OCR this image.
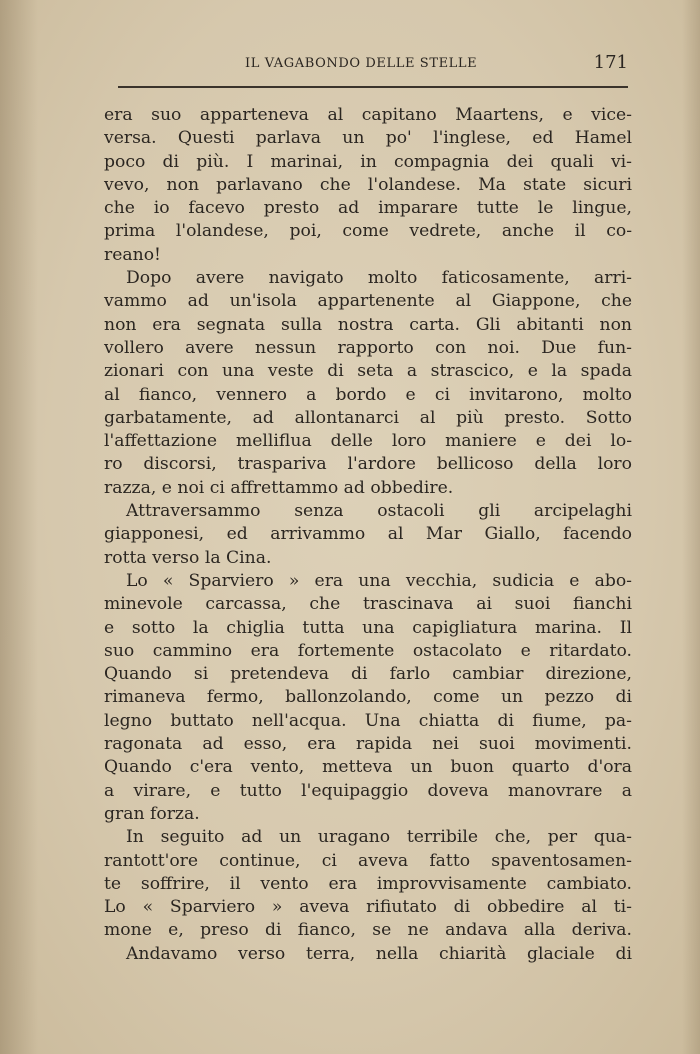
IL VAGABONDO DELLE STELLE	171
era suo apparteneva al capitano Maartens, e vice-
versa. Questi parlava un po' l'inglese, ed Hamel
poco di più. I marinai, in compagnia dei quali vi-
vevo, non parlavano che l'olandese. Ma state sicuri
che io facevo presto ad imparare tutte le lingue,
prima l'olandese, poi, come vedrete, anche il co-
reano!
Dopo avere navigato molto faticosamente, arri-
vammo ad un'isola appartenente al Giappone, che
non era segnata sulla nostra carta. Gli abitanti non
vollero avere nessun rapporto con noi. Due fun-
zionari con una veste di seta a strascico, e la spada
al fianco, vennero a bordo e ci invitarono, molto
garbatamente, ad allontanarci al più presto. Sotto
l'affettazione melliflua delle loro maniere e dei lo-
ro discorsi, traspariva l'ardore bellicoso della loro
razza, e noi ci affrettammo ad obbedire.
Attraversammo senza ostacoli gli arcipelaghi
giapponesi, ed arrivammo al Mar Giallo, facendo
rotta verso la Cina.
Lo « Sparviero » era una vecchia, sudicia e abo-
minevole carcassa, che trascinava ai suoi fianchi
e sotto la chiglia tutta una capigliatura marina. Il
suo cammino era fortemente ostacolato e ritardato.
Quando si pretendeva di farlo cambiar direzione,
rimaneva fermo, ballonzolando, come un pezzo di
legno buttato nell'acqua. Una chiatta di fiume, pa-
ragonata ad esso, era rapida nei suoi movimenti.
Quando c'era vento, metteva un buon quarto d'ora
a virare, e tutto l'equipaggio doveva manovrare a
gran forza.
In seguito ad un uragano terribile che, per qua-
rantott'ore continue, ci aveva fatto spaventosamen-
te soffrire, il vento era improvvisamente cambiato.
Lo « Sparviero » aveva rifiutato di obbedire al ti-
mone e, preso di fianco, se ne andava alla deriva.
Andavamo verso terra, nella chiarità glaciale di
